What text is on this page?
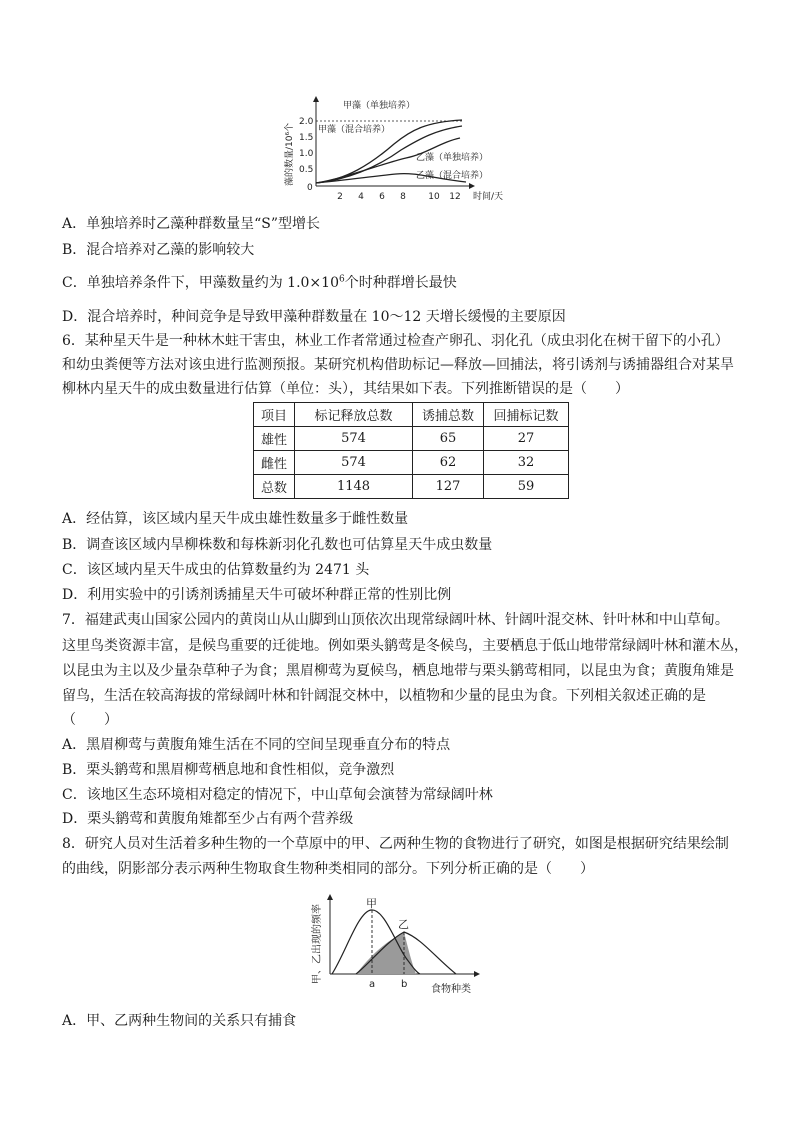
2.0
1.5
1.0
0.5
0
2 4 6 8 10 12 时间/天
藻的数量/10⁶个
甲藻（单独培养）
甲藻（混合培养）
乙藻（单独培养）
乙藻（混合培养）
A．单独培养时乙藻种群数量呈“S”型增长
B．混合培养对乙藻的影响较大
C．单独培养条件下，甲藻数量约为 $1.0\times 10^6$个时种群增长最快
D．混合培养时，种间竞争是导致甲藻种群数量在 10～12 天增长缓慢的主要原因
6．某种星天牛是一种林木蛀干害虫，林业工作者常通过检查产卵孔、羽化孔（成虫羽化在树干留下的小孔）
和幼虫粪便等方法对该虫进行监测预报。某研究机构借助标记—释放—回捕法，将引诱剂与诱捕器组合对某旱
柳林内星天牛的成虫数量进行估算（单位：头），其结果如下表。下列推断错误的是（　　）
项目	标记释放总数	诱捕总数	回捕标记数
雄性	574	65	27
雌性	574	62	32
总数	1148	127	59
A．经估算，该区域内星天牛成虫雄性数量多于雌性数量
B．调查该区域内旱柳株数和每株新羽化孔数也可估算星天牛成虫数量
C．该区域内星天牛成虫的估算数量约为 2471 头
D．利用实验中的引诱剂诱捕星天牛可破坏种群正常的性别比例
7．福建武夷山国家公园内的黄岗山从山脚到山顶依次出现常绿阔叶林、针阔叶混交林、针叶林和中山草甸。
这里鸟类资源丰富，是候鸟重要的迁徙地。例如栗头鹟莺是冬候鸟，主要栖息于低山地带常绿阔叶林和灌木丛，
以昆虫为主以及少量杂草种子为食；黑眉柳莺为夏候鸟，栖息地带与栗头鹟莺相同，以昆虫为食；黄腹角雉是
留鸟，生活在较高海拔的常绿阔叶林和针阔混交林中，以植物和少量的昆虫为食。下列相关叙述正确的是
（　　）
A．黑眉柳莺与黄腹角雉生活在不同的空间呈现垂直分布的特点
B．栗头鹟莺和黑眉柳莺栖息地和食性相似，竞争激烈
C．该地区生态环境相对稳定的情况下，中山草甸会演替为常绿阔叶林
D．栗头鹟莺和黄腹角雉都至少占有两个营养级
8．研究人员对生活着多种生物的一个草原中的甲、乙两种生物的食物进行了研究，如图是根据研究结果绘制
的曲线，阴影部分表示两种生物取食生物种类相同的部分。下列分析正确的是（　　）
甲、乙出现的频率
甲
乙
a	b 食物种类
A．甲、乙两种生物间的关系只有捕食
